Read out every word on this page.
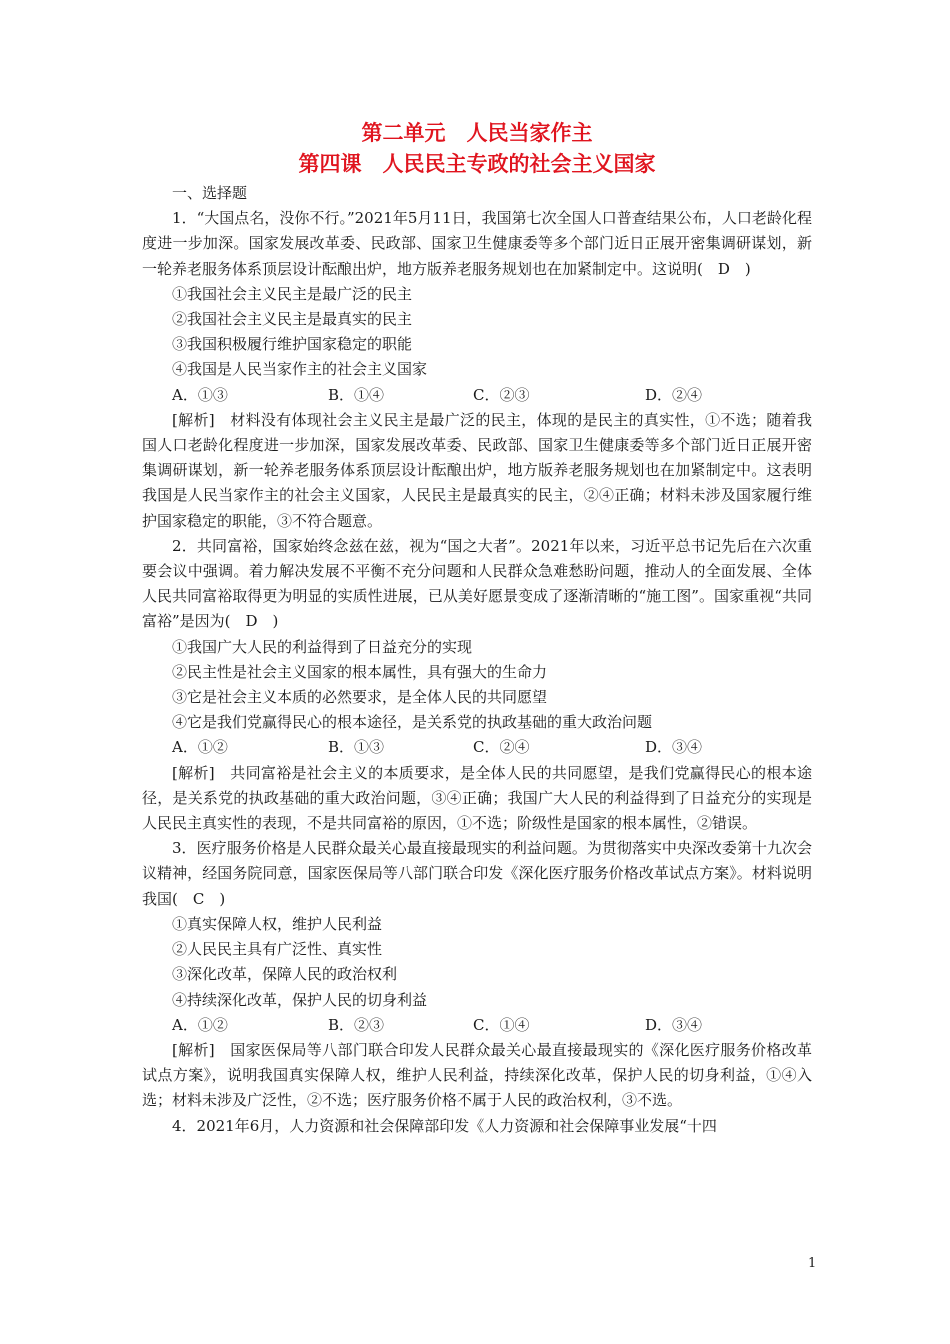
第二单元　人民当家作主
第四课　人民民主专政的社会主义国家
一、选择题
1．“大国点名，没你不行。”2021年5月11日，我国第七次全国人口普查结果公布，人口老龄化程度进一步加深。国家发展改革委、民政部、国家卫生健康委等多个部门近日正展开密集调研谋划，新一轮养老服务体系顶层设计酝酿出炉，地方版养老服务规划也在加紧制定中。这说明(　D　)
①我国社会主义民主是最广泛的民主
②我国社会主义民主是最真实的民主
③我国积极履行维护国家稳定的职能
④我国是人民当家作主的社会主义国家
A．①③	B．①④	C．②③	D．②④
[解析]　材料没有体现社会主义民主是最广泛的民主，体现的是民主的真实性，①不选；随着我国人口老龄化程度进一步加深，国家发展改革委、民政部、国家卫生健康委等多个部门近日正展开密集调研谋划，新一轮养老服务体系顶层设计酝酿出炉，地方版养老服务规划也在加紧制定中。这表明我国是人民当家作主的社会主义国家，人民民主是最真实的民主，②④正确；材料未涉及国家履行维护国家稳定的职能，③不符合题意。
2．共同富裕，国家始终念兹在兹，视为“国之大者”。2021年以来，习近平总书记先后在六次重要会议中强调。着力解决发展不平衡不充分问题和人民群众急难愁盼问题，推动人的全面发展、全体人民共同富裕取得更为明显的实质性进展，已从美好愿景变成了逐渐清晰的“施工图”。国家重视“共同富裕”是因为(　D　)
①我国广大人民的利益得到了日益充分的实现
②民主性是社会主义国家的根本属性，具有强大的生命力
③它是社会主义本质的必然要求，是全体人民的共同愿望
④它是我们党赢得民心的根本途径，是关系党的执政基础的重大政治问题
A．①②	B．①③	C．②④	D．③④
[解析]　共同富裕是社会主义的本质要求，是全体人民的共同愿望，是我们党赢得民心的根本途径，是关系党的执政基础的重大政治问题，③④正确；我国广大人民的利益得到了日益充分的实现是人民民主真实性的表现，不是共同富裕的原因，①不选；阶级性是国家的根本属性，②错误。
3．医疗服务价格是人民群众最关心最直接最现实的利益问题。为贯彻落实中央深改委第十九次会议精神，经国务院同意，国家医保局等八部门联合印发《深化医疗服务价格改革试点方案》。材料说明我国(　C　)
①真实保障人权，维护人民利益
②人民民主具有广泛性、真实性
③深化改革，保障人民的政治权利
④持续深化改革，保护人民的切身利益
A．①②	B．②③	C．①④	D．③④
[解析]　国家医保局等八部门联合印发人民群众最关心最直接最现实的《深化医疗服务价格改革试点方案》，说明我国真实保障人权，维护人民利益，持续深化改革，保护人民的切身利益，①④入选；材料未涉及广泛性，②不选；医疗服务价格不属于人民的政治权利，③不选。
4．2021年6月，人力资源和社会保障部印发《人力资源和社会保障事业发展“十四
1
